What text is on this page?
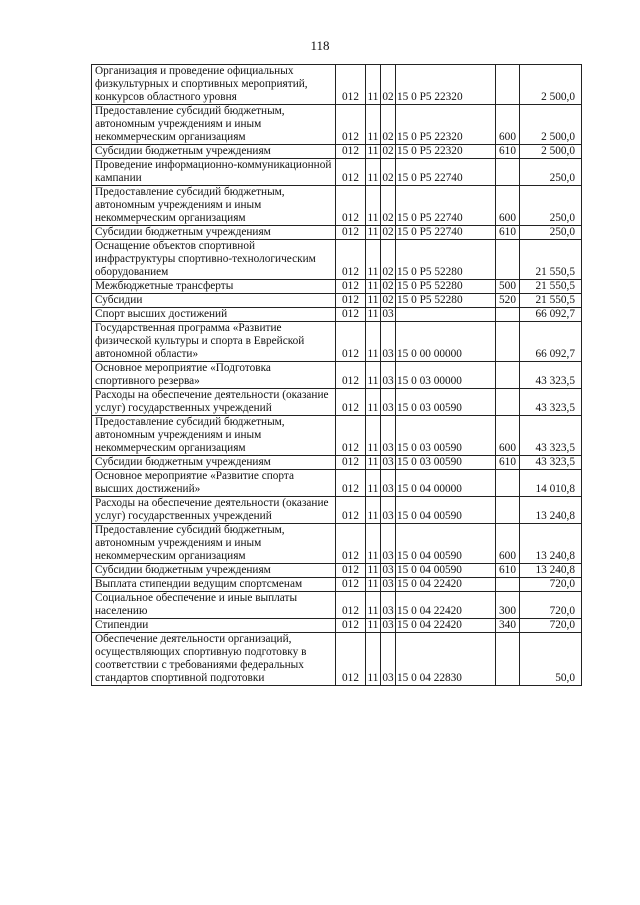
118
Организация и проведение официальных физкультурных и спортивных мероприятий, конкурсов областного уровня	012	11	02	15 0 P5 22320		2 500,0
Предоставление субсидий бюджетным, автономным учреждениям и иным некоммерческим организациям	012	11	02	15 0 P5 22320	600	2 500,0
Субсидии бюджетным учреждениям	012	11	02	15 0 P5 22320	610	2 500,0
Проведение информационно-коммуникационной кампании	012	11	02	15 0 P5 22740		250,0
Предоставление субсидий бюджетным, автономным учреждениям и иным некоммерческим организациям	012	11	02	15 0 P5 22740	600	250,0
Субсидии бюджетным учреждениям	012	11	02	15 0 P5 22740	610	250,0
Оснащение объектов спортивной инфраструктуры спортивно-технологическим оборудованием	012	11	02	15 0 P5 52280		21 550,5
Межбюджетные трансферты	012	11	02	15 0 P5 52280	500	21 550,5
Субсидии	012	11	02	15 0 P5 52280	520	21 550,5
Спорт высших достижений	012	11	03			66 092,7
Государственная программа «Развитие физической культуры и спорта в Еврейской автономной области»	012	11	03	15 0 00 00000		66 092,7
Основное мероприятие «Подготовка спортивного резерва»	012	11	03	15 0 03 00000		43 323,5
Расходы на обеспечение деятельности (оказание услуг) государственных учреждений	012	11	03	15 0 03 00590		43 323,5
Предоставление субсидий бюджетным, автономным учреждениям и иным некоммерческим организациям	012	11	03	15 0 03 00590	600	43 323,5
Субсидии бюджетным учреждениям	012	11	03	15 0 03 00590	610	43 323,5
Основное мероприятие «Развитие спорта высших достижений»	012	11	03	15 0 04 00000		14 010,8
Расходы на обеспечение деятельности (оказание услуг) государственных учреждений	012	11	03	15 0 04 00590		13 240,8
Предоставление субсидий бюджетным, автономным учреждениям и иным некоммерческим организациям	012	11	03	15 0 04 00590	600	13 240,8
Субсидии бюджетным учреждениям	012	11	03	15 0 04 00590	610	13 240,8
Выплата стипендии ведущим спортсменам	012	11	03	15 0 04 22420		720,0
Социальное обеспечение и иные выплаты населению	012	11	03	15 0 04 22420	300	720,0
Стипендии	012	11	03	15 0 04 22420	340	720,0
Обеспечение деятельности организаций, осуществляющих спортивную подготовку в соответствии с требованиями федеральных стандартов спортивной подготовки	012	11	03	15 0 04 22830		50,0
